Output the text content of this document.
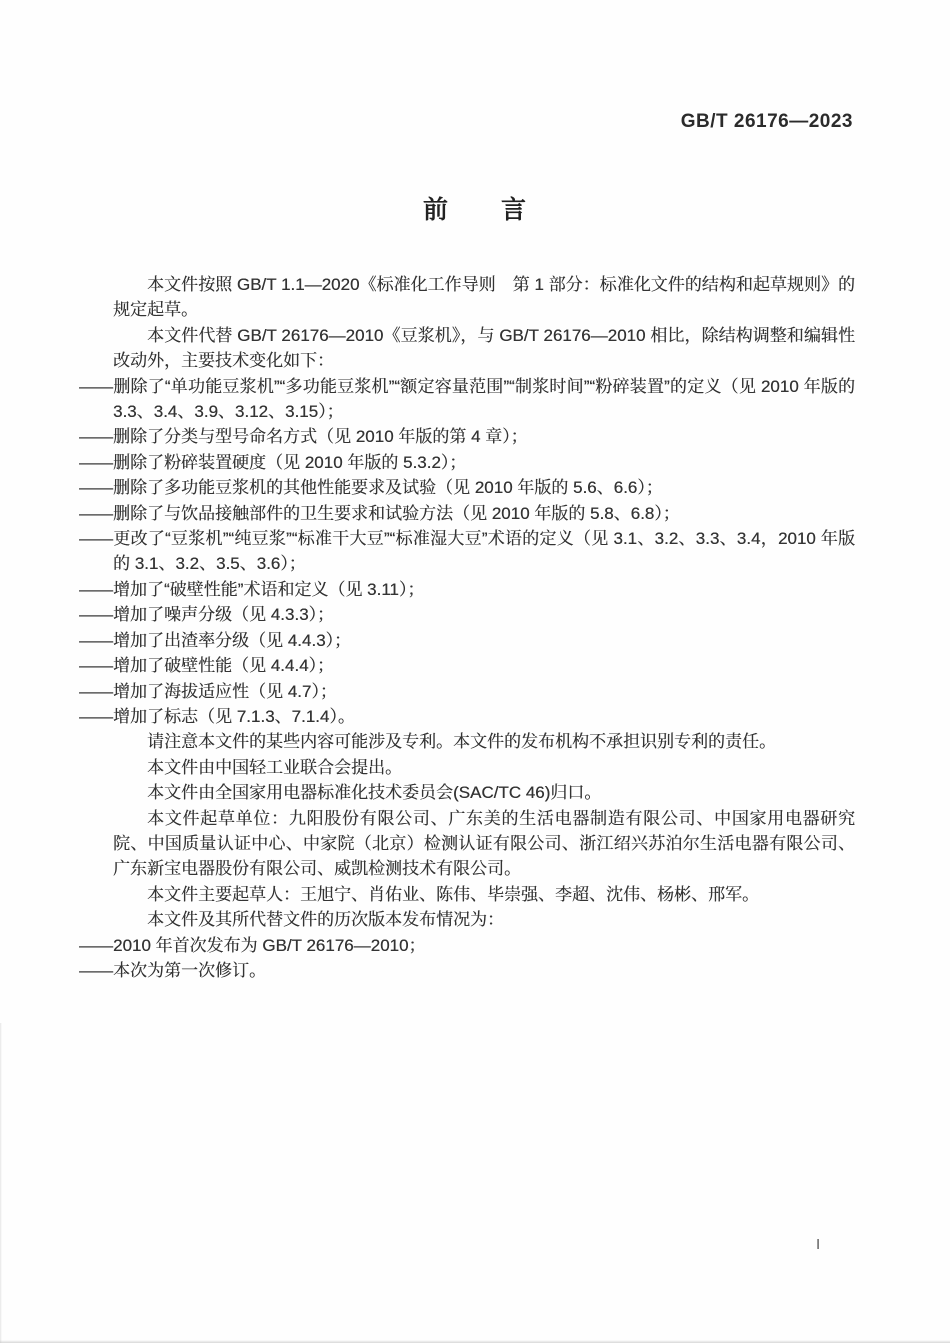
GB/T 26176—2023
前　　言

本文件按照 GB/T 1.1—2020《标准化工作导则　第 1 部分：标准化文件的结构和起草规则》的规定起草。

本文件代替 GB/T 26176—2010《豆浆机》，与 GB/T 26176—2010 相比，除结构调整和编辑性改动外，主要技术变化如下：

——删除了“单功能豆浆机”“多功能豆浆机”“额定容量范围”“制浆时间”“粉碎装置”的定义（见 2010 年版的 3.3、3.4、3.9、3.12、3.15）；

——删除了分类与型号命名方式（见 2010 年版的第 4 章）；

——删除了粉碎装置硬度（见 2010 年版的 5.3.2）；

——删除了多功能豆浆机的其他性能要求及试验（见 2010 年版的 5.6、6.6）；

——删除了与饮品接触部件的卫生要求和试验方法（见 2010 年版的 5.8、6.8）；

——更改了“豆浆机”“纯豆浆”“标准干大豆”“标准湿大豆”术语的定义（见 3.1、3.2、3.3、3.4，2010 年版的 3.1、3.2、3.5、3.6）；

——增加了“破壁性能”术语和定义（见 3.11）；

——增加了噪声分级（见 4.3.3）；

——增加了出渣率分级（见 4.4.3）；

——增加了破壁性能（见 4.4.4）；

——增加了海拔适应性（见 4.7）；

——增加了标志（见 7.1.3、7.1.4）。

请注意本文件的某些内容可能涉及专利。本文件的发布机构不承担识别专利的责任。

本文件由中国轻工业联合会提出。

本文件由全国家用电器标准化技术委员会(SAC/TC 46)归口。

本文件起草单位：九阳股份有限公司、广东美的生活电器制造有限公司、中国家用电器研究院、中国质量认证中心、中家院（北京）检测认证有限公司、浙江绍兴苏泊尔生活电器有限公司、广东新宝电器股份有限公司、威凯检测技术有限公司。

本文件主要起草人：王旭宁、肖佑业、陈伟、毕崇强、李超、沈伟、杨彬、邢军。

本文件及其所代替文件的历次版本发布情况为：

——2010 年首次发布为 GB/T 26176—2010；

——本次为第一次修订。

I
